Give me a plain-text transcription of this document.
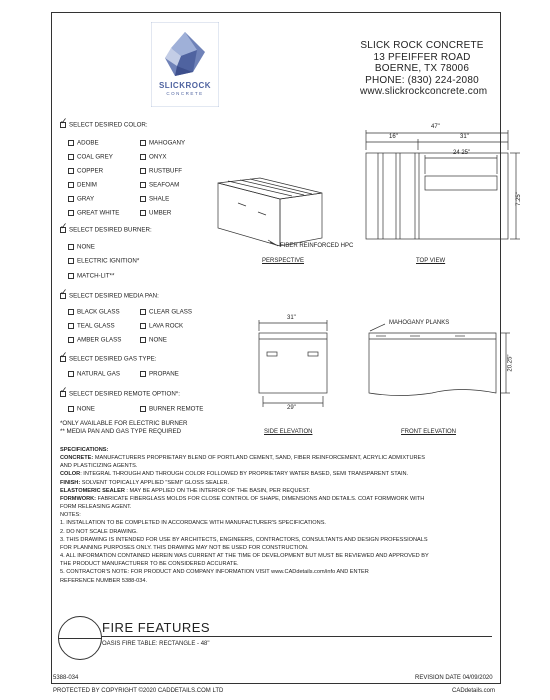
SLICKROCK
CONCRETE
SLICK ROCK CONCRETE
13 PFEIFFER ROAD
BOERNE, TX 78006
PHONE: (830) 224-2080
www.slickrockconcrete.com
✓SELECT DESIRED COLOR:
ADOBE
COAL GREY
COPPER
DENIM
GRAY
GREAT WHITE
MAHOGANY
ONYX
RUSTBUFF
SEAFOAM
SHALE
UMBER
✓SELECT DESIRED BURNER:
NONE
ELECTRIC IGNITION*
MATCH-LIT**
✓SELECT DESIRED MEDIA PAN:
BLACK GLASS
TEAL GLASS
AMBER GLASS
CLEAR GLASS
LAVA ROCK
NONE
✓SELECT DESIRED GAS TYPE:
NATURAL GAS	PROPANE
✓SELECT DESIRED REMOTE OPTION*:
NONE	BURNER REMOTE
*ONLY AVAILABLE FOR ELECTRIC BURNER
** MEDIA PAN AND GAS TYPE REQUIRED
47"
16"	31"
24 25"
7.25"
31"
29"
20.25"
FIBER REINFORCED HPC
MAHOGANY PLANKS
PERSPECTIVE	TOP VIEW
SIDE ELEVATION	FRONT ELEVATION
SPECIFICATIONS:
CONCRETE: MANUFACTURERS PROPRIETARY BLEND OF PORTLAND CEMENT, SAND, FIBER REINFORCEMENT, ACRYLIC ADMIXTURES
AND PLASTICIZING AGENTS.
COLOR: INTEGRAL THROUGH AND THROUGH COLOR FOLLOWED BY PROPRIETARY WATER BASED, SEMI TRANSPARENT STAIN.
FINISH: SOLVENT TOPICALLY APPLIED "SEMI" GLOSS SEALER.
ELASTOMERIC SEALER : MAY BE APPLIED ON THE INTERIOR OF THE BASIN, PER REQUEST.
FORMWORK: FABRICATE FIBERGLASS MOLDS FOR CLOSE CONTROL OF SHAPE, DIMENSIONS AND DETAILS. COAT FORMWORK WITH
FORM RELEASING AGENT.
NOTES:
1. INSTALLATION TO BE COMPLETED IN ACCORDANCE WITH MANUFACTURER'S SPECIFICATIONS.
2. DO NOT SCALE DRAWING.
3. THIS DRAWING IS INTENDED FOR USE BY ARCHITECTS, ENGINEERS, CONTRACTORS, CONSULTANTS AND DESIGN PROFESSIONALS
FOR PLANNING PURPOSES ONLY. THIS DRAWING MAY NOT BE USED FOR CONSTRUCTION.
4. ALL INFORMATION CONTAINED HEREIN WAS CURRENT AT THE TIME OF DEVELOPMENT BUT MUST BE REVIEWED AND APPROVED BY
THE PRODUCT MANUFACTURER TO BE CONSIDERED ACCURATE.
5. CONTRACTOR'S NOTE: FOR PRODUCT AND COMPANY INFORMATION VISIT www.CADdetails.com/info AND ENTER
REFERENCE NUMBER 5388-034.
FIRE FEATURES
OASIS FIRE TABLE: RECTANGLE - 48"
5388-034	REVISION DATE 04/09/2020
PROTECTED BY COPYRIGHT ©2020 CADDETAILS.COM LTD	CADdetails.com
